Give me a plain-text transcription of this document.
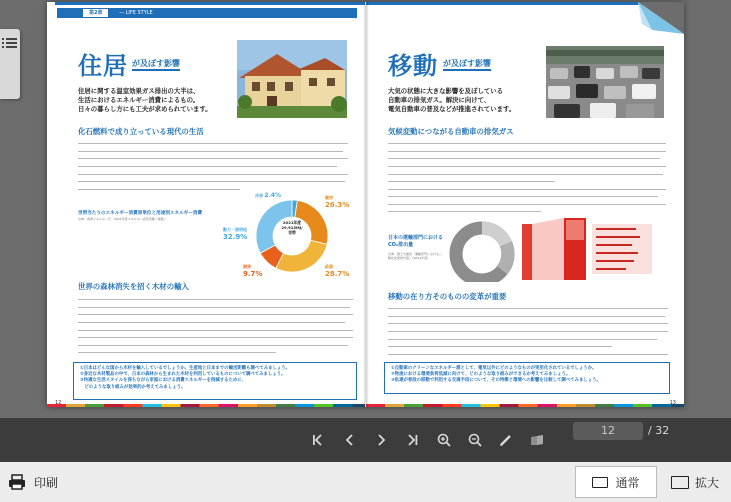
第2章	— LIFE STYLE
住居 が及ぼす影響
住居に関する温室効果ガス排出の大半は、
生活におけるエネルギー消費によるもの。
日々の暮らし方にも工夫が求められています。
化石燃料で成り立っている現代の生活
世帯当たりのエネルギー消費原単位と用途別エネルギー消費
出典：資源エネルギー庁「2021年度エネルギー需給実績（速報）」
2021年度
29,913MJ/
世帯
冷房 2.4%	暖房
26.3%
動力・照明他
32.9%
厨房
9.7%
給湯
28.7%
世界の森林消失を招く木材の輸入
①日本はどんな国から木材を輸入しているでしょうか。生産地と日本までの輸送距離も調べてみましょう。
②身近な木材製品の中で、日本の森林から生まれた木材を利用しているものについて調べてみましょう。
③快適な生活スタイルを保ちながら家庭における消費エネルギーを削減するために、
　どのような取り組みが効果的か考えてみましょう。
12
移動 が及ぼす影響
大気の状態に大きな影響を及ぼしている
自動車の排気ガス。解決に向けて、
電気自動車の普及などが推進されています。
気候変動につながる自動車の排気ガス
日本の運輸部門における CO₂排出量
出典：国土交通省「運輸部門における二酸化炭素排出量」（2021年度）
移動の在り方そのものの変革が重要
①自動車のクリーンなエネルギー源として、電気以外にどのようなものが実用化されているでしょうか。
②物流における環境負荷低減に向けて、どのような取り組みができるか考えてみましょう。
③私達が普段の移動で利用する交通手段について、その特徴と環境への影響を比較して調べてみましょう。
13
12	/ 32
印刷	通常	拡大
